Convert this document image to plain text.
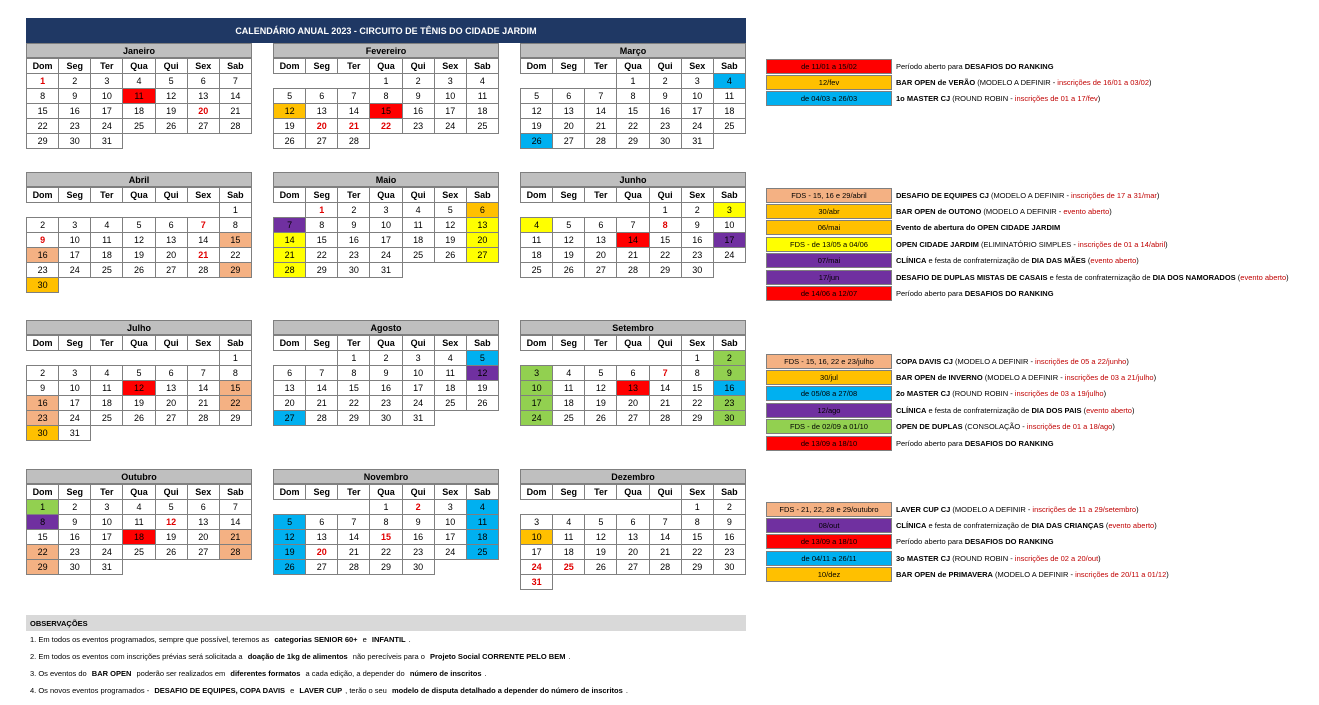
CALENDÁRIO ANUAL 2023 - CIRCUITO DE TÊNIS DO CIDADE JARDIM
Janeiro
Dom	Seg	Ter	Qua	Qui	Sex	Sab
1	2	3	4	5	6	7
8	9	10	11	12	13	14
15	16	17	18	19	20	21
22	23	24	25	26	27	28
29	30	31				
Fevereiro
Dom	Seg	Ter	Qua	Qui	Sex	Sab
			1	2	3	4
5	6	7	8	9	10	11
12	13	14	15	16	17	18
19	20	21	22	23	24	25
26	27	28				
Março
Dom	Seg	Ter	Qua	Qui	Sex	Sab
			1	2	3	4
5	6	7	8	9	10	11
12	13	14	15	16	17	18
19	20	21	22	23	24	25
26	27	28	29	30	31	
Abril
Dom	Seg	Ter	Qua	Qui	Sex	Sab
						1
2	3	4	5	6	7	8
9	10	11	12	13	14	15
16	17	18	19	20	21	22
23	24	25	26	27	28	29
30						
Maio
Dom	Seg	Ter	Qua	Qui	Sex	Sab
	1	2	3	4	5	6
7	8	9	10	11	12	13
14	15	16	17	18	19	20
21	22	23	24	25	26	27
28	29	30	31			
Junho
Dom	Seg	Ter	Qua	Qui	Sex	Sab
				1	2	3
4	5	6	7	8	9	10
11	12	13	14	15	16	17
18	19	20	21	22	23	24
25	26	27	28	29	30	
Julho
Dom	Seg	Ter	Qua	Qui	Sex	Sab
						1
2	3	4	5	6	7	8
9	10	11	12	13	14	15
16	17	18	19	20	21	22
23	24	25	26	27	28	29
30	31					
Agosto
Dom	Seg	Ter	Qua	Qui	Sex	Sab
		1	2	3	4	5
6	7	8	9	10	11	12
13	14	15	16	17	18	19
20	21	22	23	24	25	26
27	28	29	30	31		
Setembro
Dom	Seg	Ter	Qua	Qui	Sex	Sab
					1	2
3	4	5	6	7	8	9
10	11	12	13	14	15	16
17	18	19	20	21	22	23
24	25	26	27	28	29	30
Outubro
Dom	Seg	Ter	Qua	Qui	Sex	Sab
1	2	3	4	5	6	7
8	9	10	11	12	13	14
15	16	17	18	19	20	21
22	23	24	25	26	27	28
29	30	31				
Novembro
Dom	Seg	Ter	Qua	Qui	Sex	Sab
			1	2	3	4
5	6	7	8	9	10	11
12	13	14	15	16	17	18
19	20	21	22	23	24	25
26	27	28	29	30		
Dezembro
Dom	Seg	Ter	Qua	Qui	Sex	Sab
					1	2
3	4	5	6	7	8	9
10	11	12	13	14	15	16
17	18	19	20	21	22	23
24	25	26	27	28	29	30
31						
de 11/01 a 15/02	Período aberto para DESAFIOS DO RANKING
12/fev	BAR OPEN de VERÃO (MODELO A DEFINIR - inscrições de 16/01 a 03/02)
de 04/03 a 26/03	1o MASTER CJ (ROUND ROBIN - inscrições de 01 a 17/fev)
FDS - 15, 16 e 29/abril	DESAFIO DE EQUIPES CJ (MODELO A DEFINIR - inscrições de 17 a 31/mar)
30/abr	BAR OPEN de OUTONO (MODELO A DEFINIR - evento aberto)
06/mai	Evento de abertura do OPEN CIDADE JARDIM
FDS - de 13/05 a 04/06	OPEN CIDADE JARDIM (ELIMINATÓRIO SIMPLES - inscrições de 01 a 14/abril)
07/mai	CLÍNICA e festa de confraternização de DIA DAS MÃES (evento aberto)
17/jun	DESAFIO DE DUPLAS MISTAS DE CASAIS e festa de confraternização de DIA DOS NAMORADOS (evento aberto)
de 14/06 a 12/07	Período aberto para DESAFIOS DO RANKING
FDS - 15, 16, 22 e 23/julho	COPA DAVIS CJ (MODELO A DEFINIR - inscrições de 05 a 22/junho)
30/jul	BAR OPEN de INVERNO (MODELO A DEFINIR - inscrições de 03 a 21/julho)
de 05/08 a 27/08	2o MASTER CJ (ROUND ROBIN - inscrições de 03 a 19/julho)
12/ago	CLÍNICA e festa de confraternização de DIA DOS PAIS (evento aberto)
FDS - de 02/09 a 01/10	OPEN DE DUPLAS (CONSOLAÇÃO - inscrições de 01 a 18/ago)
de 13/09 a 18/10	Período aberto para DESAFIOS DO RANKING
FDS - 21, 22, 28 e 29/outubro	LAVER CUP CJ (MODELO A DEFINIR - inscrições de 11 a 29/setembro)
08/out	CLÍNICA e festa de confraternização de DIA DAS CRIANÇAS (evento aberto)
de 13/09 a 18/10	Período aberto para DESAFIOS DO RANKING
de 04/11 a 26/11	3o MASTER CJ (ROUND ROBIN - inscrições de 02 a 20/out)
10/dez	BAR OPEN de PRIMAVERA (MODELO A DEFINIR - inscrições de 20/11 a 01/12)
OBSERVAÇÕES
1. Em todos os eventos programados, sempre que possível, teremos as categorias SENIOR 60+ e INFANTIL .
2. Em todos os eventos com inscrições prévias será solicitada a doação de 1kg de alimentos não perecíveis para o Projeto Social CORRENTE PELO BEM .
3. Os eventos do BAR OPEN poderão ser realizados em diferentes formatos a cada edição, a depender do número de inscritos .
4. Os novos eventos programados - DESAFIO DE EQUIPES, COPA DAVIS e LAVER CUP , terão o seu modelo de disputa detalhado a depender do número de inscritos .
